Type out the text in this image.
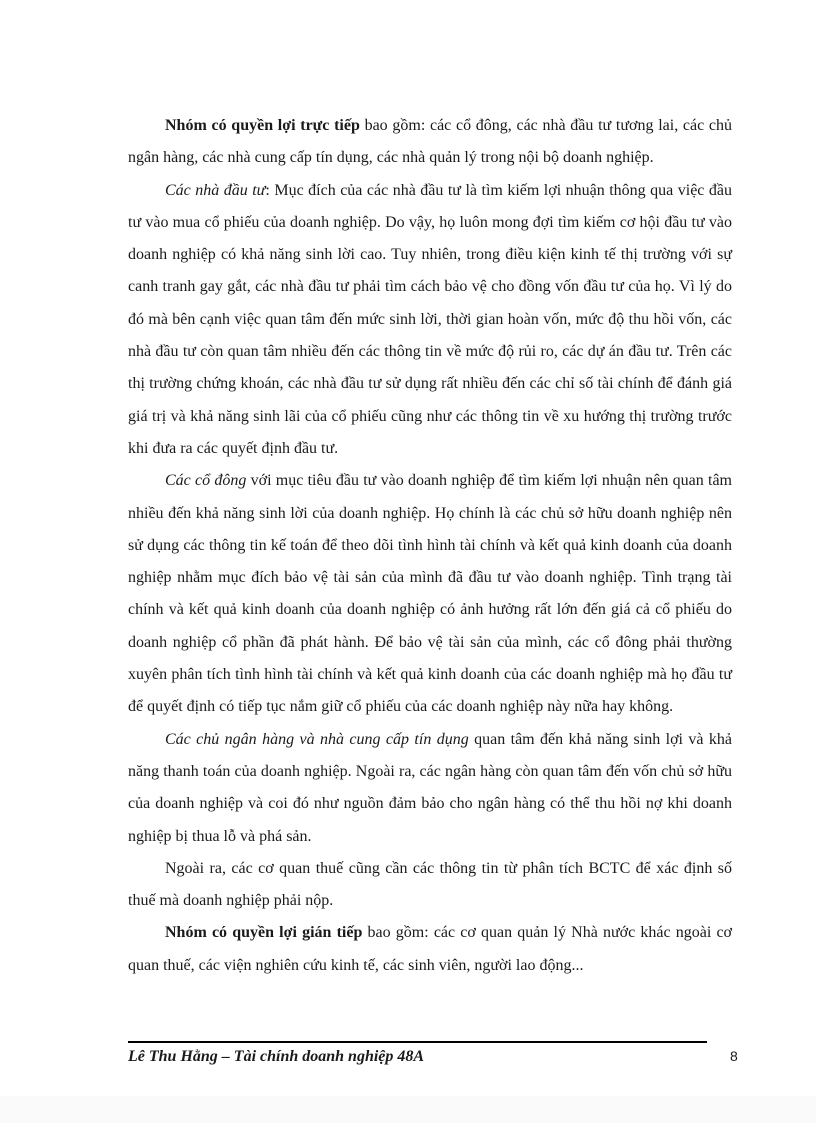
Nhóm có quyền lợi trực tiếp bao gồm: các cổ đông, các nhà đầu tư tương lai, các chủ ngân hàng, các nhà cung cấp tín dụng, các nhà quản lý trong nội bộ doanh nghiệp.

Các nhà đầu tư: Mục đích của các nhà đầu tư là tìm kiếm lợi nhuận thông qua việc đầu tư vào mua cổ phiếu của doanh nghiệp. Do vậy, họ luôn mong đợi tìm kiếm cơ hội đầu tư vào doanh nghiệp có khả năng sinh lời cao. Tuy nhiên, trong điều kiện kinh tế thị trường với sự canh tranh gay gắt, các nhà đầu tư phải tìm cách bảo vệ cho đồng vốn đầu tư của họ. Vì lý do đó mà bên cạnh việc quan tâm đến mức sinh lời, thời gian hoàn vốn, mức độ thu hồi vốn, các nhà đầu tư còn quan tâm nhiều đến các thông tin về mức độ rủi ro, các dự án đầu tư. Trên các thị trường chứng khoán, các nhà đầu tư sử dụng rất nhiều đến các chỉ số tài chính để đánh giá giá trị và khả năng sinh lãi của cổ phiếu cũng như các thông tin về xu hướng thị trường trước khi đưa ra các quyết định đầu tư.

Các cổ đông với mục tiêu đầu tư vào doanh nghiệp để tìm kiếm lợi nhuận nên quan tâm nhiều đến khả năng sinh lời của doanh nghiệp. Họ chính là các chủ sở hữu doanh nghiệp nên sử dụng các thông tin kế toán để theo dõi tình hình tài chính và kết quả kinh doanh của doanh nghiệp nhằm mục đích bảo vệ tài sản của mình đã đầu tư vào doanh nghiệp. Tình trạng tài chính và kết quả kinh doanh của doanh nghiệp có ảnh hưởng rất lớn đến giá cả cổ phiếu do doanh nghiệp cổ phần đã phát hành. Để bảo vệ tài sản của mình, các cổ đông phải thường xuyên phân tích tình hình tài chính và kết quả kinh doanh của các doanh nghiệp mà họ đầu tư để quyết định có tiếp tục nắm giữ cổ phiếu của các doanh nghiệp này nữa hay không.

Các chủ ngân hàng và nhà cung cấp tín dụng quan tâm đến khả năng sinh lợi và khả năng thanh toán của doanh nghiệp. Ngoài ra, các ngân hàng còn quan tâm đến vốn chủ sở hữu của doanh nghiệp và coi đó như nguồn đảm bảo cho ngân hàng có thể thu hồi nợ khi doanh nghiệp bị thua lỗ và phá sản.

Ngoài ra, các cơ quan thuế cũng cần các thông tin từ phân tích BCTC để xác định số thuế mà doanh nghiệp phải nộp.

Nhóm có quyền lợi gián tiếp bao gồm: các cơ quan quản lý Nhà nước khác ngoài cơ quan thuế, các viện nghiên cứu kinh tế, các sinh viên, người lao động...

Lê Thu Hằng – Tài chính doanh nghiệp 48A	8
